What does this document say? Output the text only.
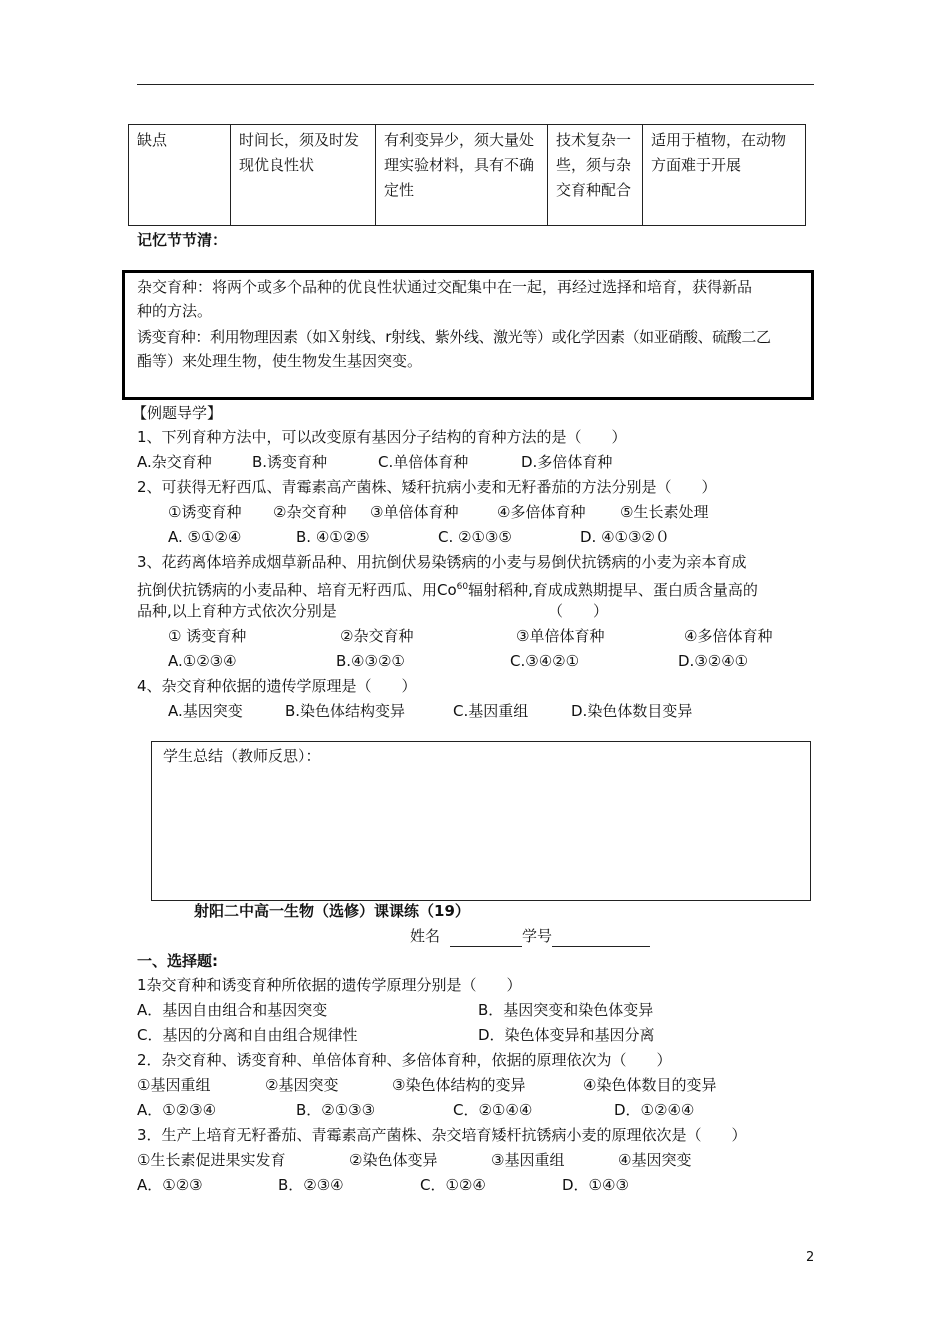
缺点	时间长，须及时发现优良性状	有利变异少，须大量处理实验材料，具有不确定性	技术复杂一些，须与杂交育种配合	适用于植物，在动物方面难于开展
记忆节节清：
杂交育种：将两个或多个品种的优良性状通过交配集中在一起，再经过选择和培育，获得新品
种的方法。
诱变育种：利用物理因素（如Ｘ射线、r射线、紫外线、激光等）或化学因素（如亚硝酸、硫酸二乙
酯等）来处理生物，使生物发生基因突变。
【例题导学】
1、下列育种方法中，可以改变原有基因分子结构的育种方法的是（　　）
A.杂交育种	B.诱变育种	C.单倍体育种	D.多倍体育种
2、可获得无籽西瓜、青霉素高产菌株、矮秆抗病小麦和无籽番茄的方法分别是（　　）
①诱变育种 ②杂交育种 ③单倍体育种	④多倍体育种 ⑤生长素处理
A. ⑤①②④	B. ④①②⑤	C. ②①③⑤	D. ④①③②０
3、花药离体培养成烟草新品种、用抗倒伏易染锈病的小麦与易倒伏抗锈病的小麦为亲本育成
抗倒伏抗锈病的小麦品种、培育无籽西瓜、用Co$^{60}$辐射稻种,育成成熟期提早、蛋白质含量高的
品种,以上育种方式依次分别是	（　　）
① 诱变育种	②杂交育种	③单倍体育种	④多倍体育种
A.①②③④	B.④③②①	C.③④②①	D.③②④①
4、杂交育种依据的遗传学原理是（　　）
A.基因突变	B.染色体结构变异	C.基因重组	D.染色体数目变异
学生总结（教师反思）：
射阳二中高一生物（选修）课课练（19）
姓名	学号
一、选择题:
1杂交育种和诱变育种所依据的遗传学原理分别是（　　）
A．基因自由组合和基因突变	B．基因突变和染色体变异
C．基因的分离和自由组合规律性	D．染色体变异和基因分离
2．杂交育种、诱变育种、单倍体育种、多倍体育种，依据的原理依次为（　　）
①基因重组	②基因突变	③染色体结构的变异	④染色体数目的变异
A．①②③④	B．②①③③	C．②①④④	D．①②④④
3．生产上培育无籽番茄、青霉素高产菌株、杂交培育矮杆抗锈病小麦的原理依次是（　　）
①生长素促进果实发育	②染色体变异	③基因重组	④基因突变
A．①②③	B．②③④	C．①②④	D．①④③
2
